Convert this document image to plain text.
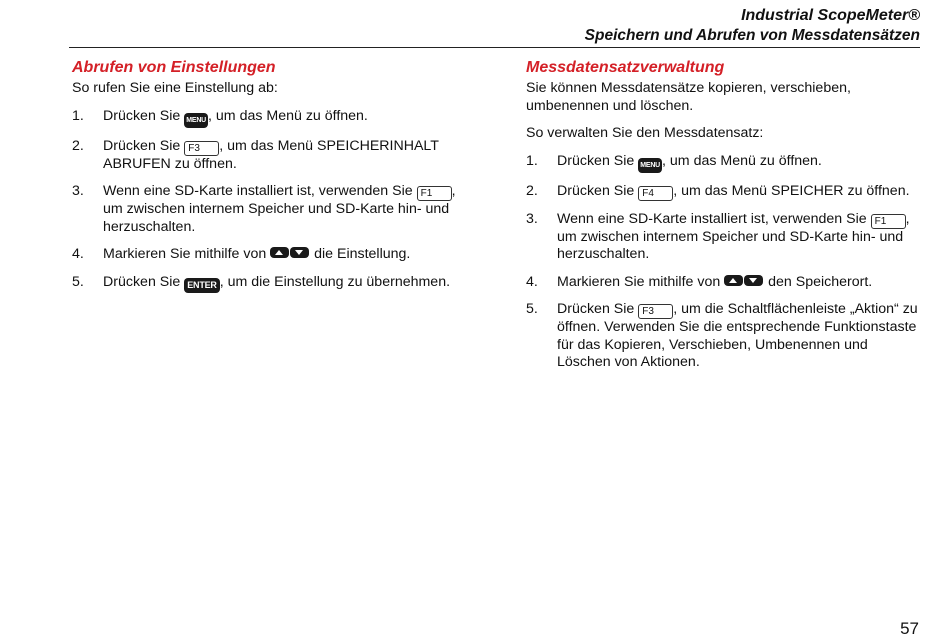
Industrial ScopeMeter®
Speichern und Abrufen von Messdatensätzen
Abrufen von Einstellungen

So rufen Sie eine Einstellung ab:

1. Drücken Sie MENU , um das Menü zu öffnen.
2. Drücken Sie F3 , um das Menü SPEICHERINHALT ABRUFEN zu öffnen.
3. Wenn eine SD-Karte installiert ist, verwenden Sie F1 , um zwischen internem Speicher und SD-Karte hin- und herzuschalten.
4. Markieren Sie mithilfe von	die Einstellung.
5. Drücken Sie ENTER , um die Einstellung zu übernehmen.
Messdatensatzverwaltung

Sie können Messdatensätze kopieren, verschieben, umbenennen und löschen.

So verwalten Sie den Messdatensatz:

1. Drücken Sie MENU , um das Menü zu öffnen.
2. Drücken Sie F4 , um das Menü SPEICHER zu öffnen.
3. Wenn eine SD-Karte installiert ist, verwenden Sie F1 , um zwischen internem Speicher und SD-Karte hin- und herzuschalten.
4. Markieren Sie mithilfe von	den Speicherort.
5. Drücken Sie F3 , um die Schaltflächenleiste „Aktion“ zu öffnen. Verwenden Sie die entsprechende Funktionstaste für das Kopieren, Verschieben, Umbenennen und Löschen von Aktionen.
57
